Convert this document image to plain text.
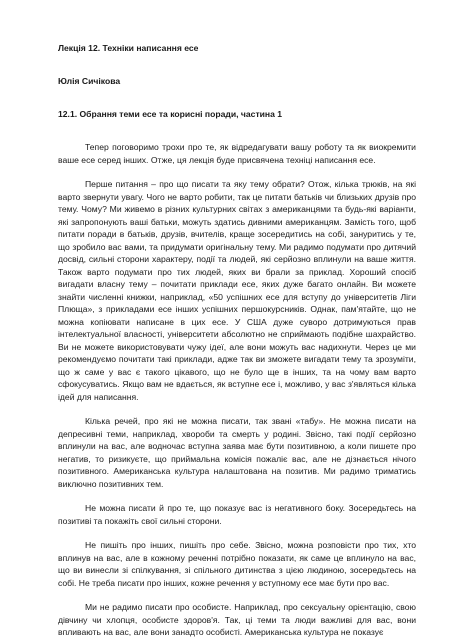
Лекція 12. Техніки написання есе

Юлія Сичікова

12.1. Обрання теми есе та корисні поради, частина 1

Тепер поговоримо трохи про те, як відредагувати вашу роботу та як виокремити ваше есе серед інших. Отже, ця лекція буде присвячена техніці написання есе.

Перше питання – про що писати та яку тему обрати? Отож, кілька трюків, на які варто звернути увагу. Чого не варто робити, так це питати батьків чи близьких друзів про тему. Чому? Ми живемо в різних культурних світах з американцями та будь-які варіанти, які запропонують ваші батьки, можуть здатись дивними американцям. Замість того, щоб питати поради в батьків, друзів, вчителів, краще зосередитись на собі, зануритись у те, що зробило вас вами, та придумати оригінальну тему. Ми радимо подумати про дитячий досвід, сильні сторони характеру, події та людей, які серйозно вплинули на ваше життя. Також варто подумати про тих людей, яких ви брали за приклад. Хороший спосіб вигадати власну тему – почитати приклади есе, яких дуже багато онлайн. Ви можете знайти численні книжки, наприклад, «50 успішних есе для вступу до університетів Ліги Плюща», з прикладами есе інших успішних першокурсників. Однак, пам'ятайте, що не можна копіювати написане в цих есе. У США дуже суворо дотримуються прав інтелектуальної власності, університети абсолютно не сприймають подібне шахрайство. Ви не можете використовувати чужу ідеї, але вони можуть вас надихнути. Через це ми рекомендуємо почитати такі приклади, адже так ви зможете вигадати тему та зрозуміти, що ж саме у вас є такого цікавого, що не було ще в інших, та на чому вам варто сфокусуватись. Якщо вам не вдається, як вступне есе і, можливо, у вас з'являться кілька ідей для написання.

Кілька речей, про які не можна писати, так звані «табу». Не можна писати на депресивні теми, наприклад, хвороби та смерть у родині. Звісно, такі події серйозно вплинули на вас, але водночас вступна заява має бути позитивною, а коли пишете про негатив, то ризикуєте, що приймальна комісія пожаліє вас, але не дізнається нічого позитивного. Американська культура налаштована на позитив. Ми радимо триматись виключно позитивних тем.

Не можна писати й про те, що показує вас із негативного боку. Зосередьтесь на позитиві та покажіть свої сильні сторони.

Не пишіть про інших, пишіть про себе. Звісно, можна розповісти про тих, хто вплинув на вас, але в кожному реченні потрібно показати, як саме це вплинуло на вас, що ви винесли зі спілкування, зі спільного дитинства з цією людиною, зосередьтесь на собі. Не треба писати про інших, кожне речення у вступному есе має бути про вас.

Ми не радимо писати про особисте. Наприклад, про сексуальну орієнтацію, свою дівчину чи хлопця, особисте здоров'я. Так, ці теми та люди важливі для вас, вони впливають на вас, але вони занадто особисті. Американська культура не показує
